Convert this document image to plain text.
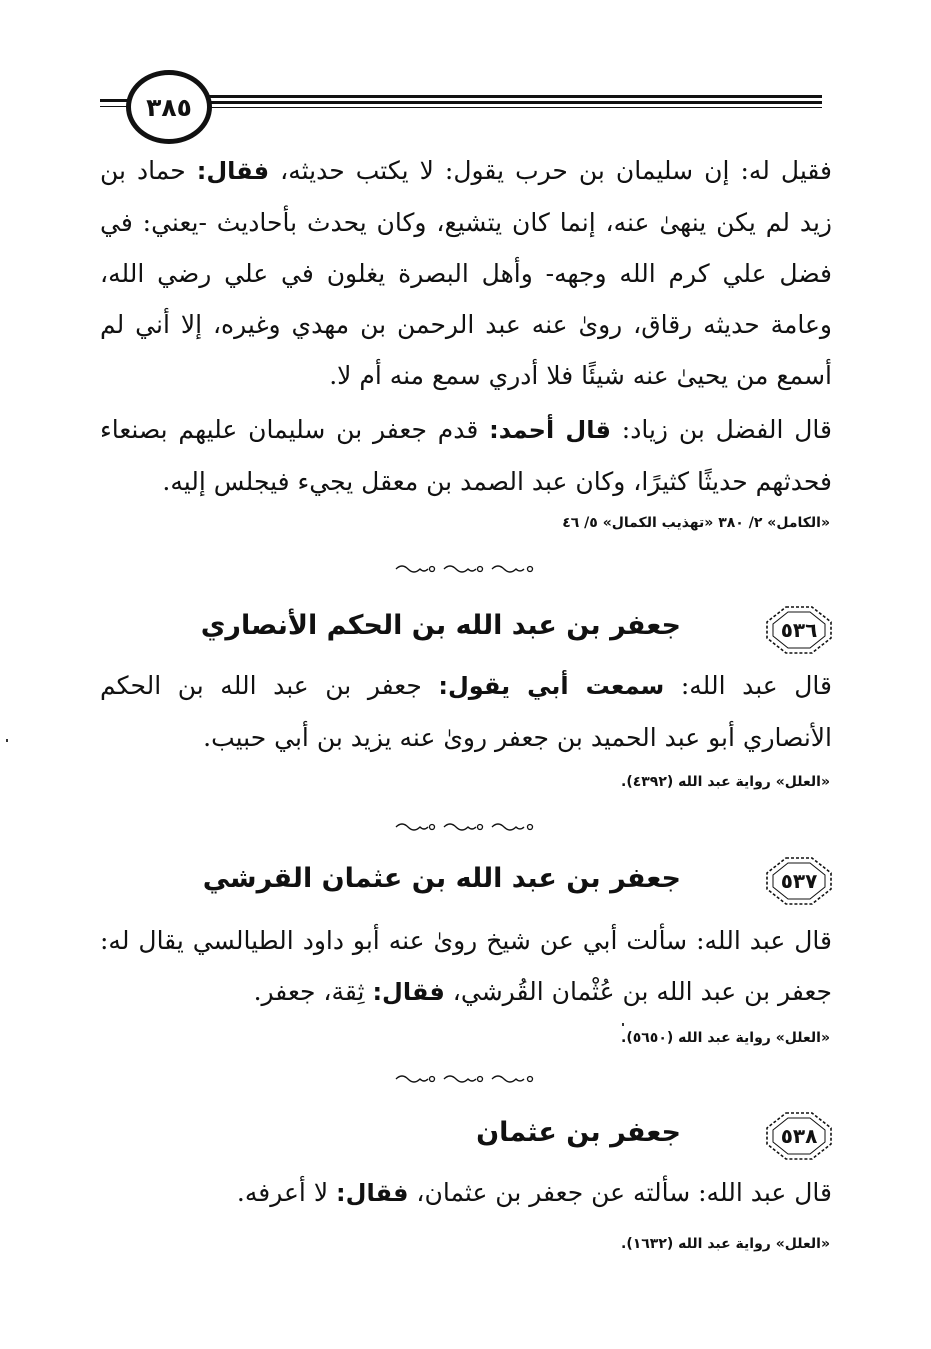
٣٨٥
فقيل له: إن سليمان بن حرب يقول: لا يكتب حديثه، فقال: حماد بن زيد لم يكن ينهىٰ عنه، إنما كان يتشيع، وكان يحدث بأحاديث -يعني: في فضل علي كرم الله وجهه- وأهل البصرة يغلون في علي رضي الله، وعامة حديثه رقاق، روىٰ عنه عبد الرحمن بن مهدي وغيره، إلا أني لم أسمع من يحيىٰ عنه شيئًا فلا أدري سمع منه أم لا.
قال الفضل بن زياد: قال أحمد: قدم جعفر بن سليمان عليهم بصنعاء فحدثهم حديثًا كثيرًا، وكان عبد الصمد بن معقل يجيء فيجلس إليه.
«الكامل» ٢/ ٣٨٠ «تهذيب الكمال» ٥/ ٤٦
٥٣٦
جعفر بن عبد الله بن الحكم الأنصاري
قال عبد الله: سمعت أبي يقول: جعفر بن عبد الله بن الحكم الأنصاري أبو عبد الحميد بن جعفر روىٰ عنه يزيد بن أبي حبيب.
«العلل» رواية عبد الله (٤٣٩٢).
٥٣٧
جعفر بن عبد الله بن عثمان القرشي
قال عبد الله: سألت أبي عن شيخ روىٰ عنه أبو داود الطيالسي يقال له: جعفر بن عبد الله بن عُثْمان القُرشي، فقال: ثِقة، جعفر.
«العلل» رواية عبد الله (٥٦٥٠).
٥٣٨
جعفر بن عثمان
قال عبد الله: سألته عن جعفر بن عثمان، فقال: لا أعرفه.
«العلل» رواية عبد الله (١٦٣٢).
